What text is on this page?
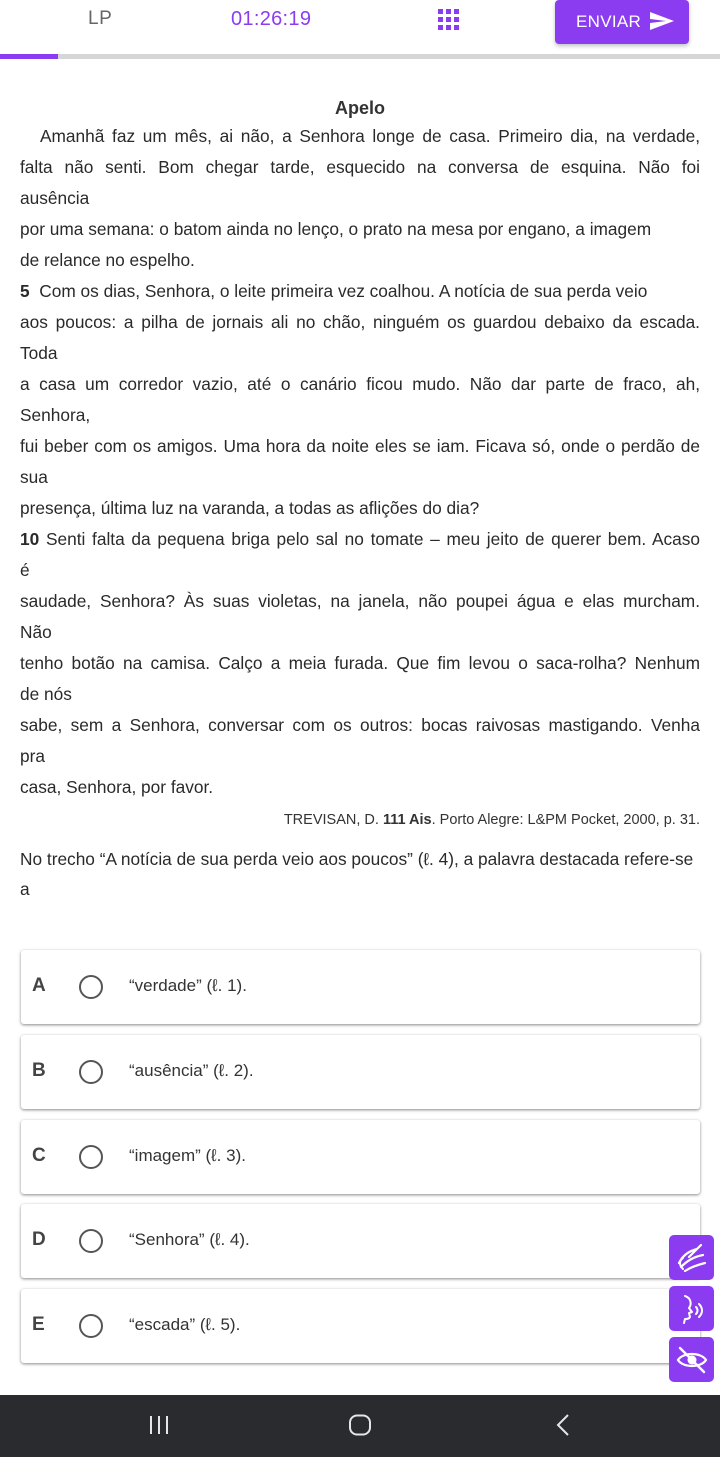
LP	01:26:19	ENVIAR
Apelo
Amanhã faz um mês, ai não, a Senhora longe de casa. Primeiro dia, na verdade,
falta não senti. Bom chegar tarde, esquecido na conversa de esquina. Não foi
ausência
por uma semana: o batom ainda no lenço, o prato na mesa por engano, a imagem
de relance no espelho.
5 Com os dias, Senhora, o leite primeira vez coalhou. A notícia de sua perda veio
aos poucos: a pilha de jornais ali no chão, ninguém os guardou debaixo da escada.
Toda
a casa um corredor vazio, até o canário ficou mudo. Não dar parte de fraco, ah,
Senhora,
fui beber com os amigos. Uma hora da noite eles se iam. Ficava só, onde o perdão de
sua
presença, última luz na varanda, a todas as aflições do dia?
10 Senti falta da pequena briga pelo sal no tomate – meu jeito de querer bem. Acaso
é
saudade, Senhora? Às suas violetas, na janela, não poupei água e elas murcham.
Não
tenho botão na camisa. Calço a meia furada. Que fim levou o saca-rolha? Nenhum
de nós
sabe, sem a Senhora, conversar com os outros: bocas raivosas mastigando. Venha
pra
casa, Senhora, por favor.
TREVISAN, D. 111 Ais. Porto Alegre: L&PM Pocket, 2000, p. 31.
No trecho “A notícia de sua perda veio aos poucos” (ℓ. 4), a palavra destacada refere-se a
A	“verdade” (ℓ. 1).
B	“ausência” (ℓ. 2).
C	“imagem” (ℓ. 3).
D	“Senhora” (ℓ. 4).
E	“escada” (ℓ. 5).
